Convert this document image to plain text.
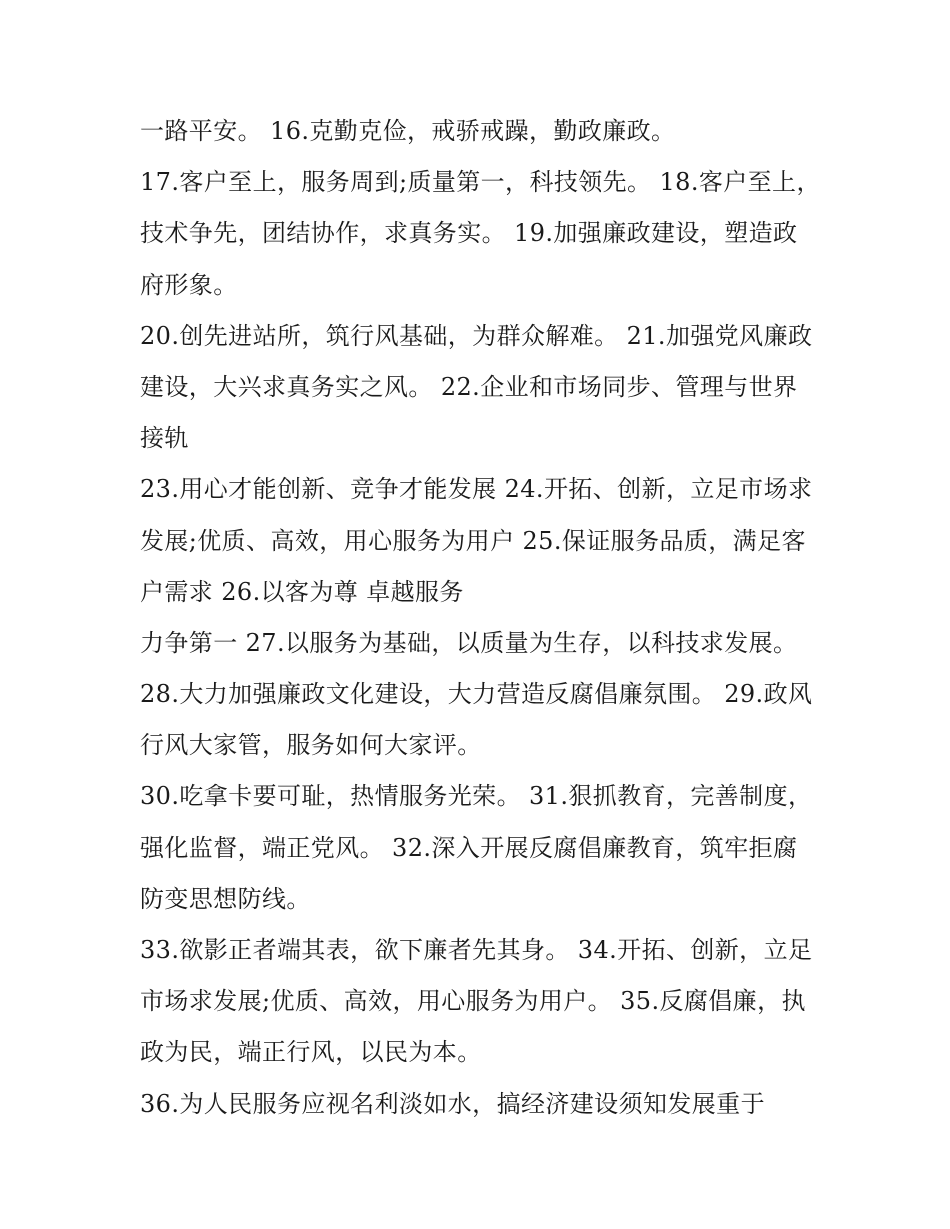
一路平安。 16.克勤克俭，戒骄戒躁，勤政廉政。
17.客户至上，服务周到;质量第一，科技领先。 18.客户至上，
技术争先，团结协作，求真务实。 19.加强廉政建设，塑造政
府形象。
20.创先进站所，筑行风基础，为群众解难。 21.加强党风廉政
建设，大兴求真务实之风。 22.企业和市场同步、管理与世界
接轨
23.用心才能创新、竞争才能发展 24.开拓、创新，立足市场求
发展;优质、高效，用心服务为用户 25.保证服务品质，满足客
户需求 26.以客为尊 卓越服务
力争第一 27.以服务为基础，以质量为生存，以科技求发展。
28.大力加强廉政文化建设，大力营造反腐倡廉氛围。 29.政风
行风大家管，服务如何大家评。
30.吃拿卡要可耻，热情服务光荣。 31.狠抓教育，完善制度，
强化监督，端正党风。 32.深入开展反腐倡廉教育，筑牢拒腐
防变思想防线。
33.欲影正者端其表，欲下廉者先其身。 34.开拓、创新，立足
市场求发展;优质、高效，用心服务为用户。 35.反腐倡廉，执
政为民，端正行风，以民为本。
36.为人民服务应视名利淡如水，搞经济建设须知发展重于
